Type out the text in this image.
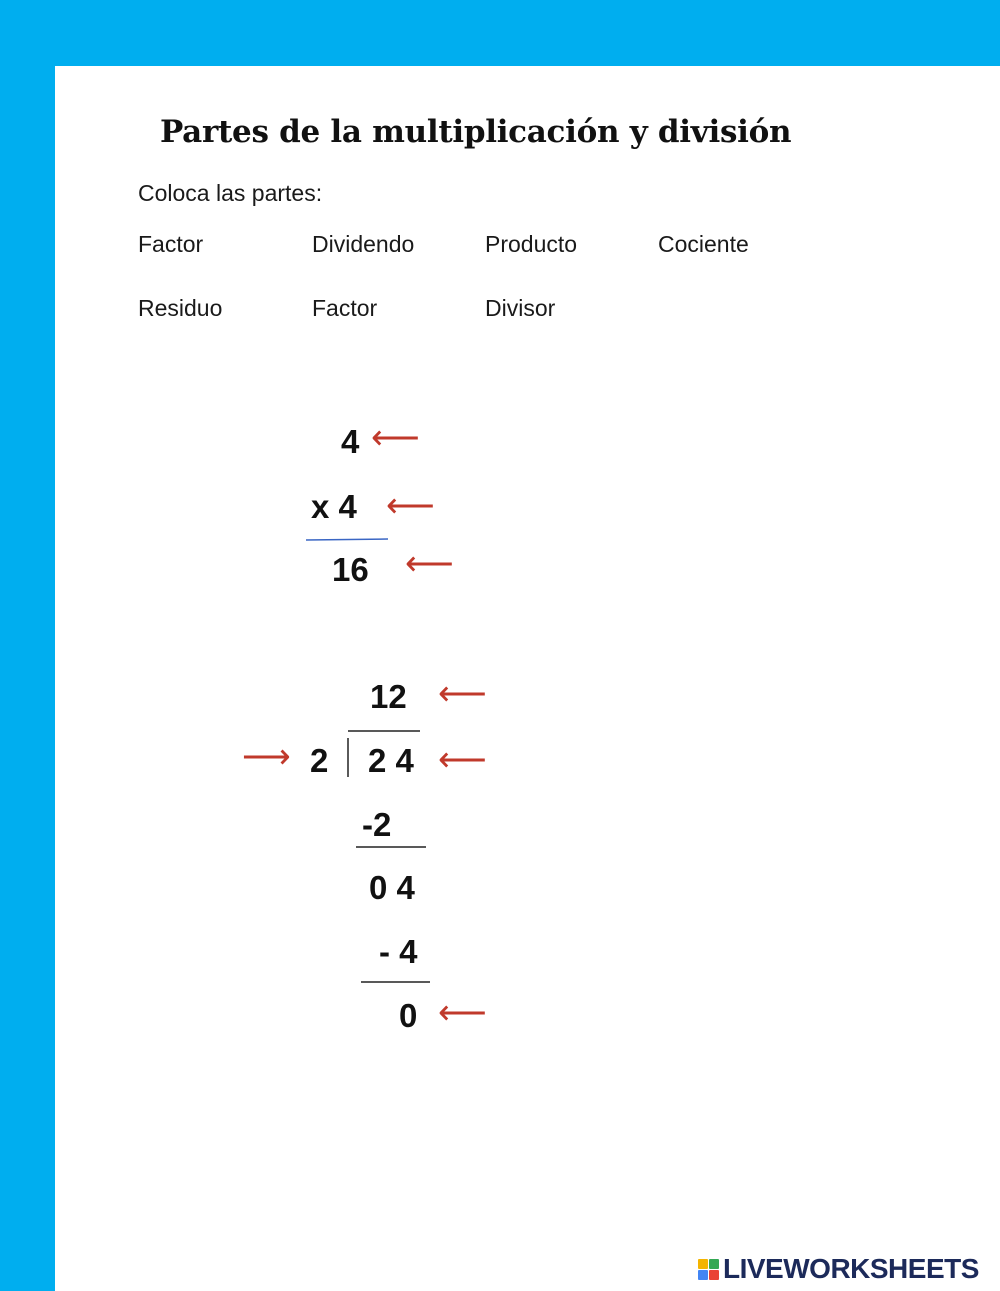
Partes de la multiplicación y división
Coloca las partes:
Factor	Dividendo	Producto	Cociente
Residuo	Factor	Divisor
4 ⟵
x 4 ⟵
16 ⟵
12 ⟵
⟶ 2 2 4 ⟵
-2
0 4
- 4
0 ⟵
LIVEWORKSHEETS
